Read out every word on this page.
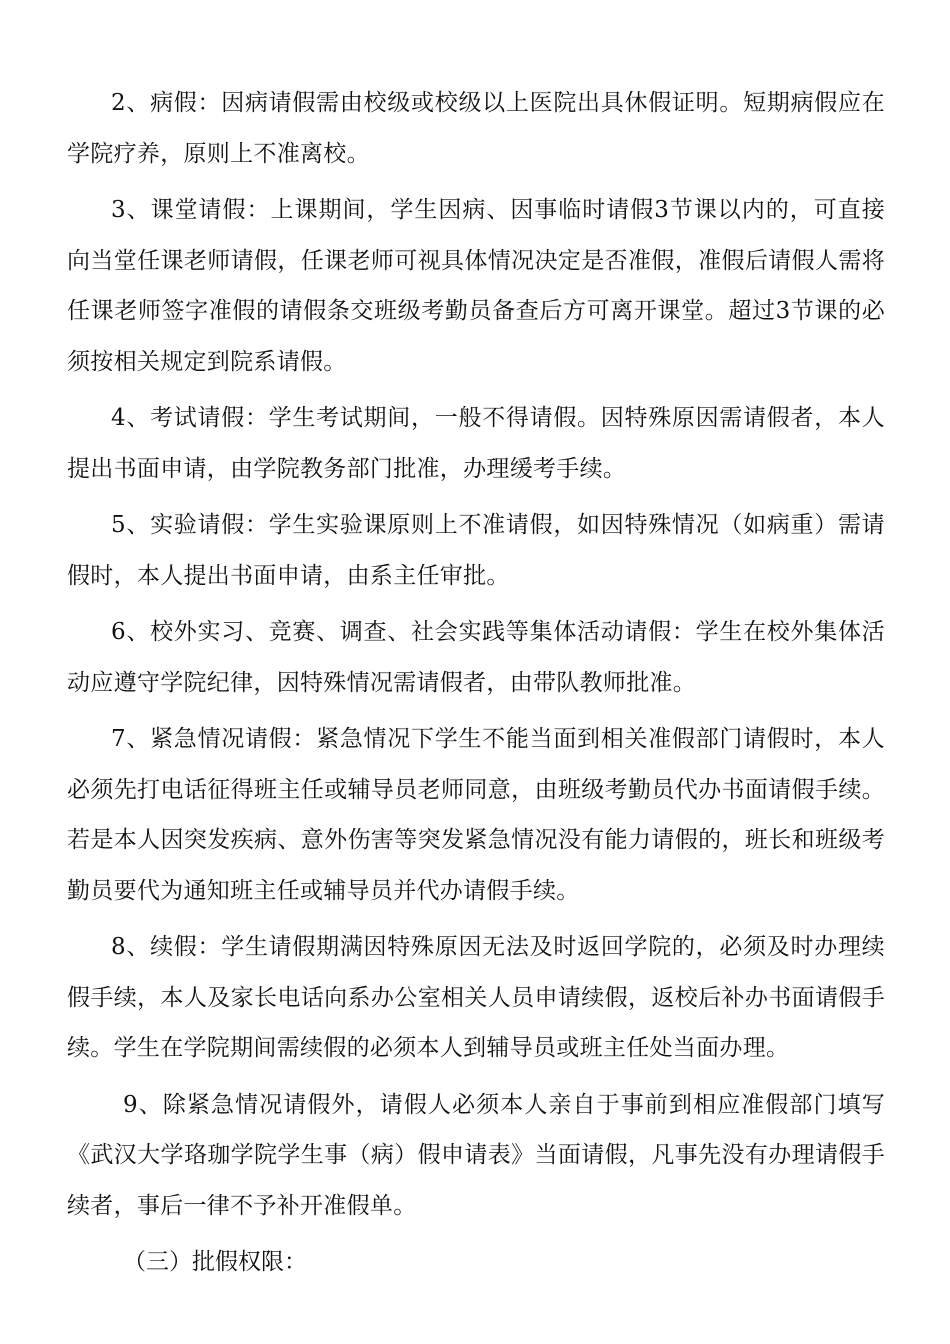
2、病假：因病请假需由校级或校级以上医院出具休假证明。短期病假应在学院疗养，原则上不准离校。

3、课堂请假：上课期间，学生因病、因事临时请假3节课以内的，可直接向当堂任课老师请假，任课老师可视具体情况决定是否准假，准假后请假人需将任课老师签字准假的请假条交班级考勤员备查后方可离开课堂。超过3节课的必须按相关规定到院系请假。

4、考试请假：学生考试期间，一般不得请假。因特殊原因需请假者，本人提出书面申请，由学院教务部门批准，办理缓考手续。

5、实验请假：学生实验课原则上不准请假，如因特殊情况（如病重）需请假时，本人提出书面申请，由系主任审批。

6、校外实习、竞赛、调查、社会实践等集体活动请假：学生在校外集体活动应遵守学院纪律，因特殊情况需请假者，由带队教师批准。

7、紧急情况请假：紧急情况下学生不能当面到相关准假部门请假时，本人必须先打电话征得班主任或辅导员老师同意，由班级考勤员代办书面请假手续。若是本人因突发疾病、意外伤害等突发紧急情况没有能力请假的，班长和班级考勤员要代为通知班主任或辅导员并代办请假手续。

8、续假：学生请假期满因特殊原因无法及时返回学院的，必须及时办理续假手续，本人及家长电话向系办公室相关人员申请续假，返校后补办书面请假手续。学生在学院期间需续假的必须本人到辅导员或班主任处当面办理。

9、除紧急情况请假外，请假人必须本人亲自于事前到相应准假部门填写《武汉大学珞珈学院学生事（病）假申请表》当面请假，凡事先没有办理请假手续者，事后一律不予补开准假单。

（三）批假权限：
